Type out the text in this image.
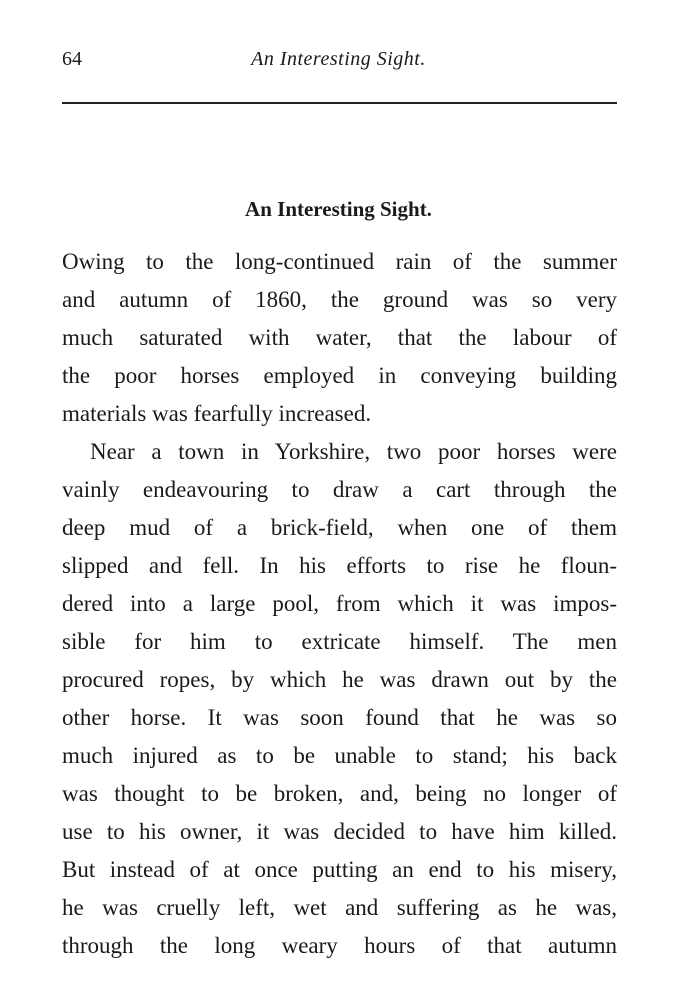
64	An Interesting Sight.
An Interesting Sight.
Owing to the long-continued rain of the summer
and autumn of 1860, the ground was so very
much saturated with water, that the labour of
the poor horses employed in conveying building
materials was fearfully increased.
Near a town in Yorkshire, two poor horses were
vainly endeavouring to draw a cart through the
deep mud of a brick-field, when one of them
slipped and fell. In his efforts to rise he floun-
dered into a large pool, from which it was impos-
sible for him to extricate himself. The men
procured ropes, by which he was drawn out by the
other horse. It was soon found that he was so
much injured as to be unable to stand; his back
was thought to be broken, and, being no longer of
use to his owner, it was decided to have him killed.
But instead of at once putting an end to his misery,
he was cruelly left, wet and suffering as he was,
through the long weary hours of that autumn
